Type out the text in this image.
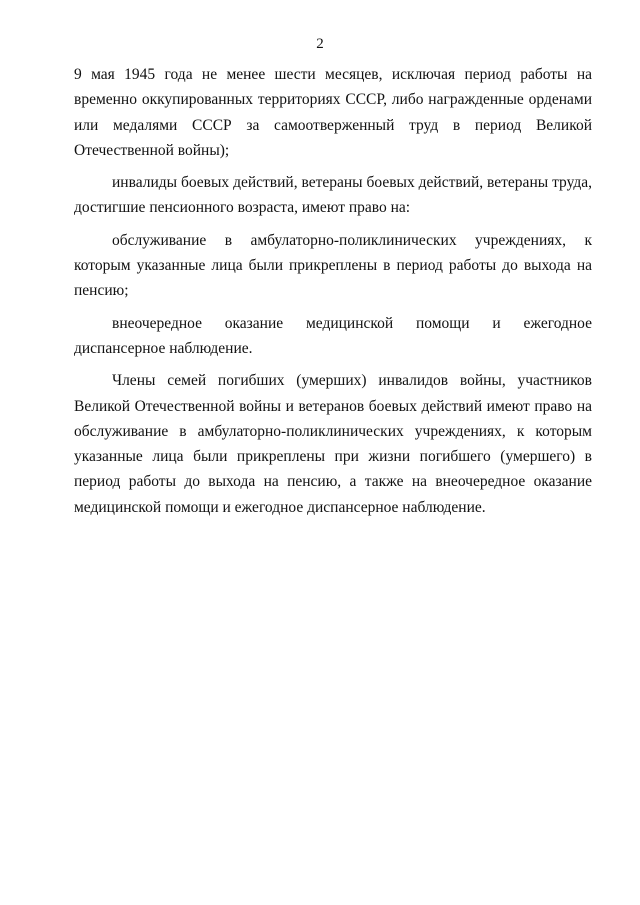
2

9 мая 1945 года не менее шести месяцев, исключая период работы на временно оккупированных территориях СССР, либо награжденные орденами или медалями СССР за самоотверженный труд в период Великой Отечественной войны);

инвалиды боевых действий, ветераны боевых действий, ветераны труда, достигшие пенсионного возраста, имеют право на:

обслуживание в амбулаторно-поликлинических учреждениях, к которым указанные лица были прикреплены в период работы до выхода на пенсию;

внеочередное оказание медицинской помощи и ежегодное диспансерное наблюдение.

Члены семей погибших (умерших) инвалидов войны, участников Великой Отечественной войны и ветеранов боевых действий имеют право на обслуживание в амбулаторно-поликлинических учреждениях, к которым указанные лица были прикреплены при жизни погибшего (умершего) в период работы до выхода на пенсию, а также на внеочередное оказание медицинской помощи и ежегодное диспансерное наблюдение.
